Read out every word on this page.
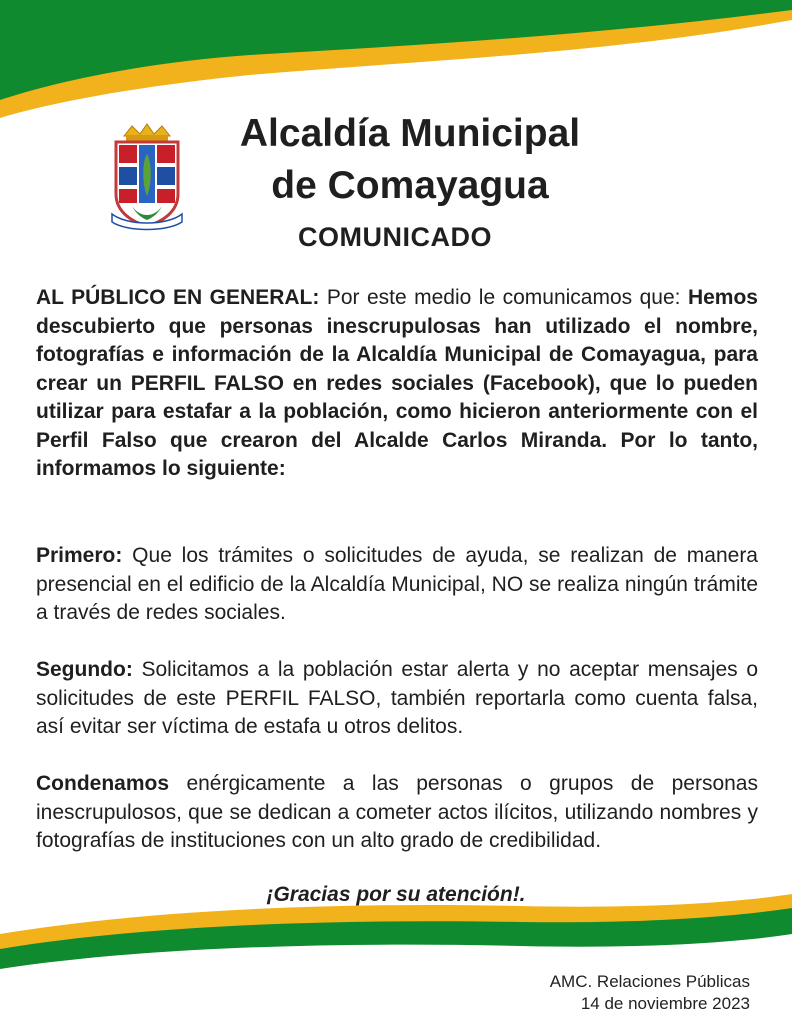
Alcaldía Municipal
de Comayagua
COMUNICADO
AL PÚBLICO EN GENERAL: Por este medio le comunicamos que: Hemos descubierto que personas inescrupulosas han utilizado el nombre, fotografías e información de la Alcaldía Municipal de Comayagua, para crear un PERFIL FALSO en redes sociales (Facebook), que lo pueden utilizar para estafar a la población, como hicieron anteriormente con el Perfil Falso que crearon del Alcalde Carlos Miranda. Por lo tanto, informamos lo siguiente:
Primero: Que los trámites o solicitudes de ayuda, se realizan de manera presencial en el edificio de la Alcaldía Municipal, NO se realiza ningún trámite a través de redes sociales.
Segundo: Solicitamos a la población estar alerta y no aceptar mensajes o solicitudes de este PERFIL FALSO, también reportarla como cuenta falsa, así evitar ser víctima de estafa u otros delitos.
Condenamos enérgicamente a las personas o grupos de personas inescrupulosos, que se dedican a cometer actos ilícitos, utilizando nombres y fotografías de instituciones con un alto grado de credibilidad.
¡Gracias por su atención!.
AMC. Relaciones Públicas
14 de noviembre 2023
